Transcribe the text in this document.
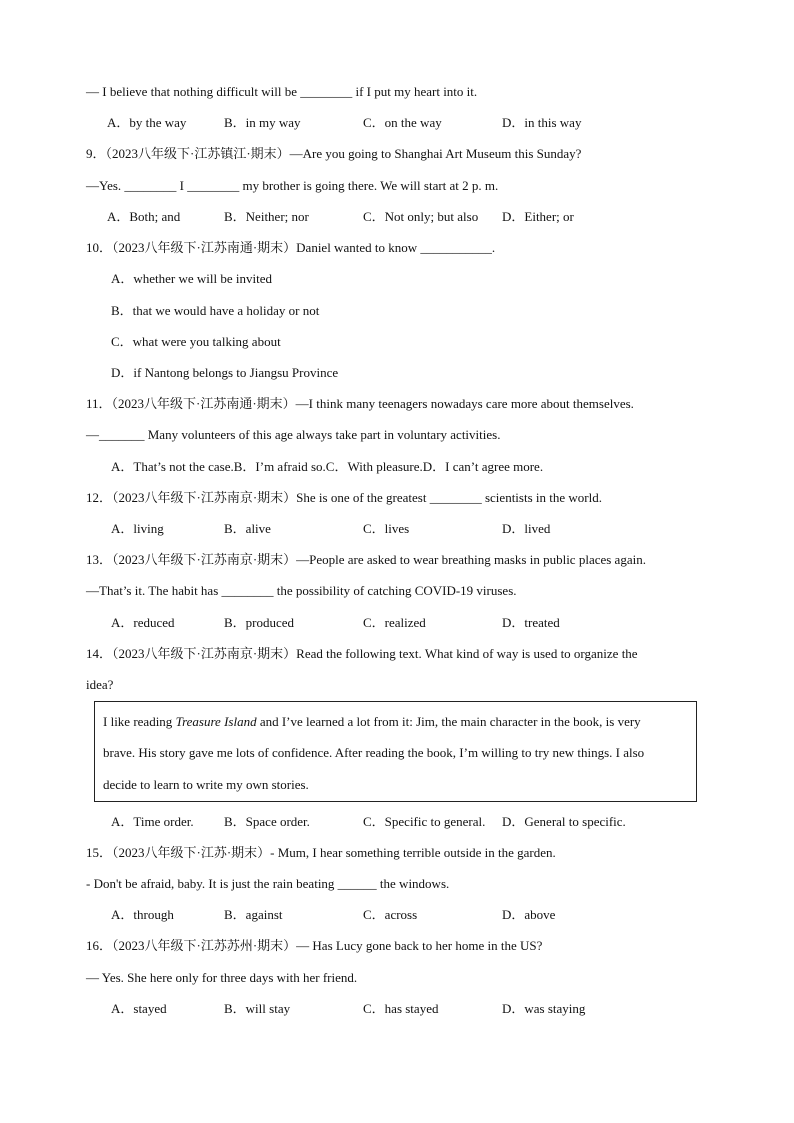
— I believe that nothing difficult will be ________ if I put my heart into it.
A．by the way	B．in my way	C．on the way	D．in this way
9．（2023八年级下·江苏镇江·期末）—Are you going to Shanghai Art Museum this Sunday?
—Yes. ________ I ________ my brother is going there. We will start at 2 p. m.
A．Both; and	B．Neither; nor	C．Not only; but also D．Either; or
10．（2023八年级下·江苏南通·期末）Daniel wanted to know ___________.
A．whether we will be invited
B．that we would have a holiday or not
C．what were you talking about
D．if Nantong belongs to Jiangsu Province
11．（2023八年级下·江苏南通·期末）—I think many teenagers nowadays care more about themselves.
—_______ Many volunteers of this age always take part in voluntary activities.
A．That’s not the case.B．I’m afraid so.C．With pleasure.D．I can’t agree more.
12．（2023八年级下·江苏南京·期末）She is one of the greatest ________ scientists in the world.
A．living	B．alive	C．lives	D．lived
13．（2023八年级下·江苏南京·期末）—People are asked to wear breathing masks in public places again.
—That’s it. The habit has ________ the possibility of catching COVID-19 viruses.
A．reduced	B．produced	C．realized	D．treated
14．（2023八年级下·江苏南京·期末）Read the following text. What kind of way is used to organize the
idea?
I like reading Treasure Island and I’ve learned a lot from it: Jim, the main character in the book, is very
brave. His story gave me lots of confidence. After reading the book, I’m willing to try new things. I also
decide to learn to write my own stories.
A．Time order. B．Space order.	C．Specific to general. D．General to specific.
15．（2023八年级下·江苏·期末）- Mum, I hear something terrible outside in the garden.
- Don't be afraid, baby. It is just the rain beating ______ the windows.
A．through	B．against	C．across	D．above
16．（2023八年级下·江苏苏州·期末）— Has Lucy gone back to her home in the US?
— Yes. She here only for three days with her friend.
A．stayed	B．will stay	C．has stayed	D．was staying
